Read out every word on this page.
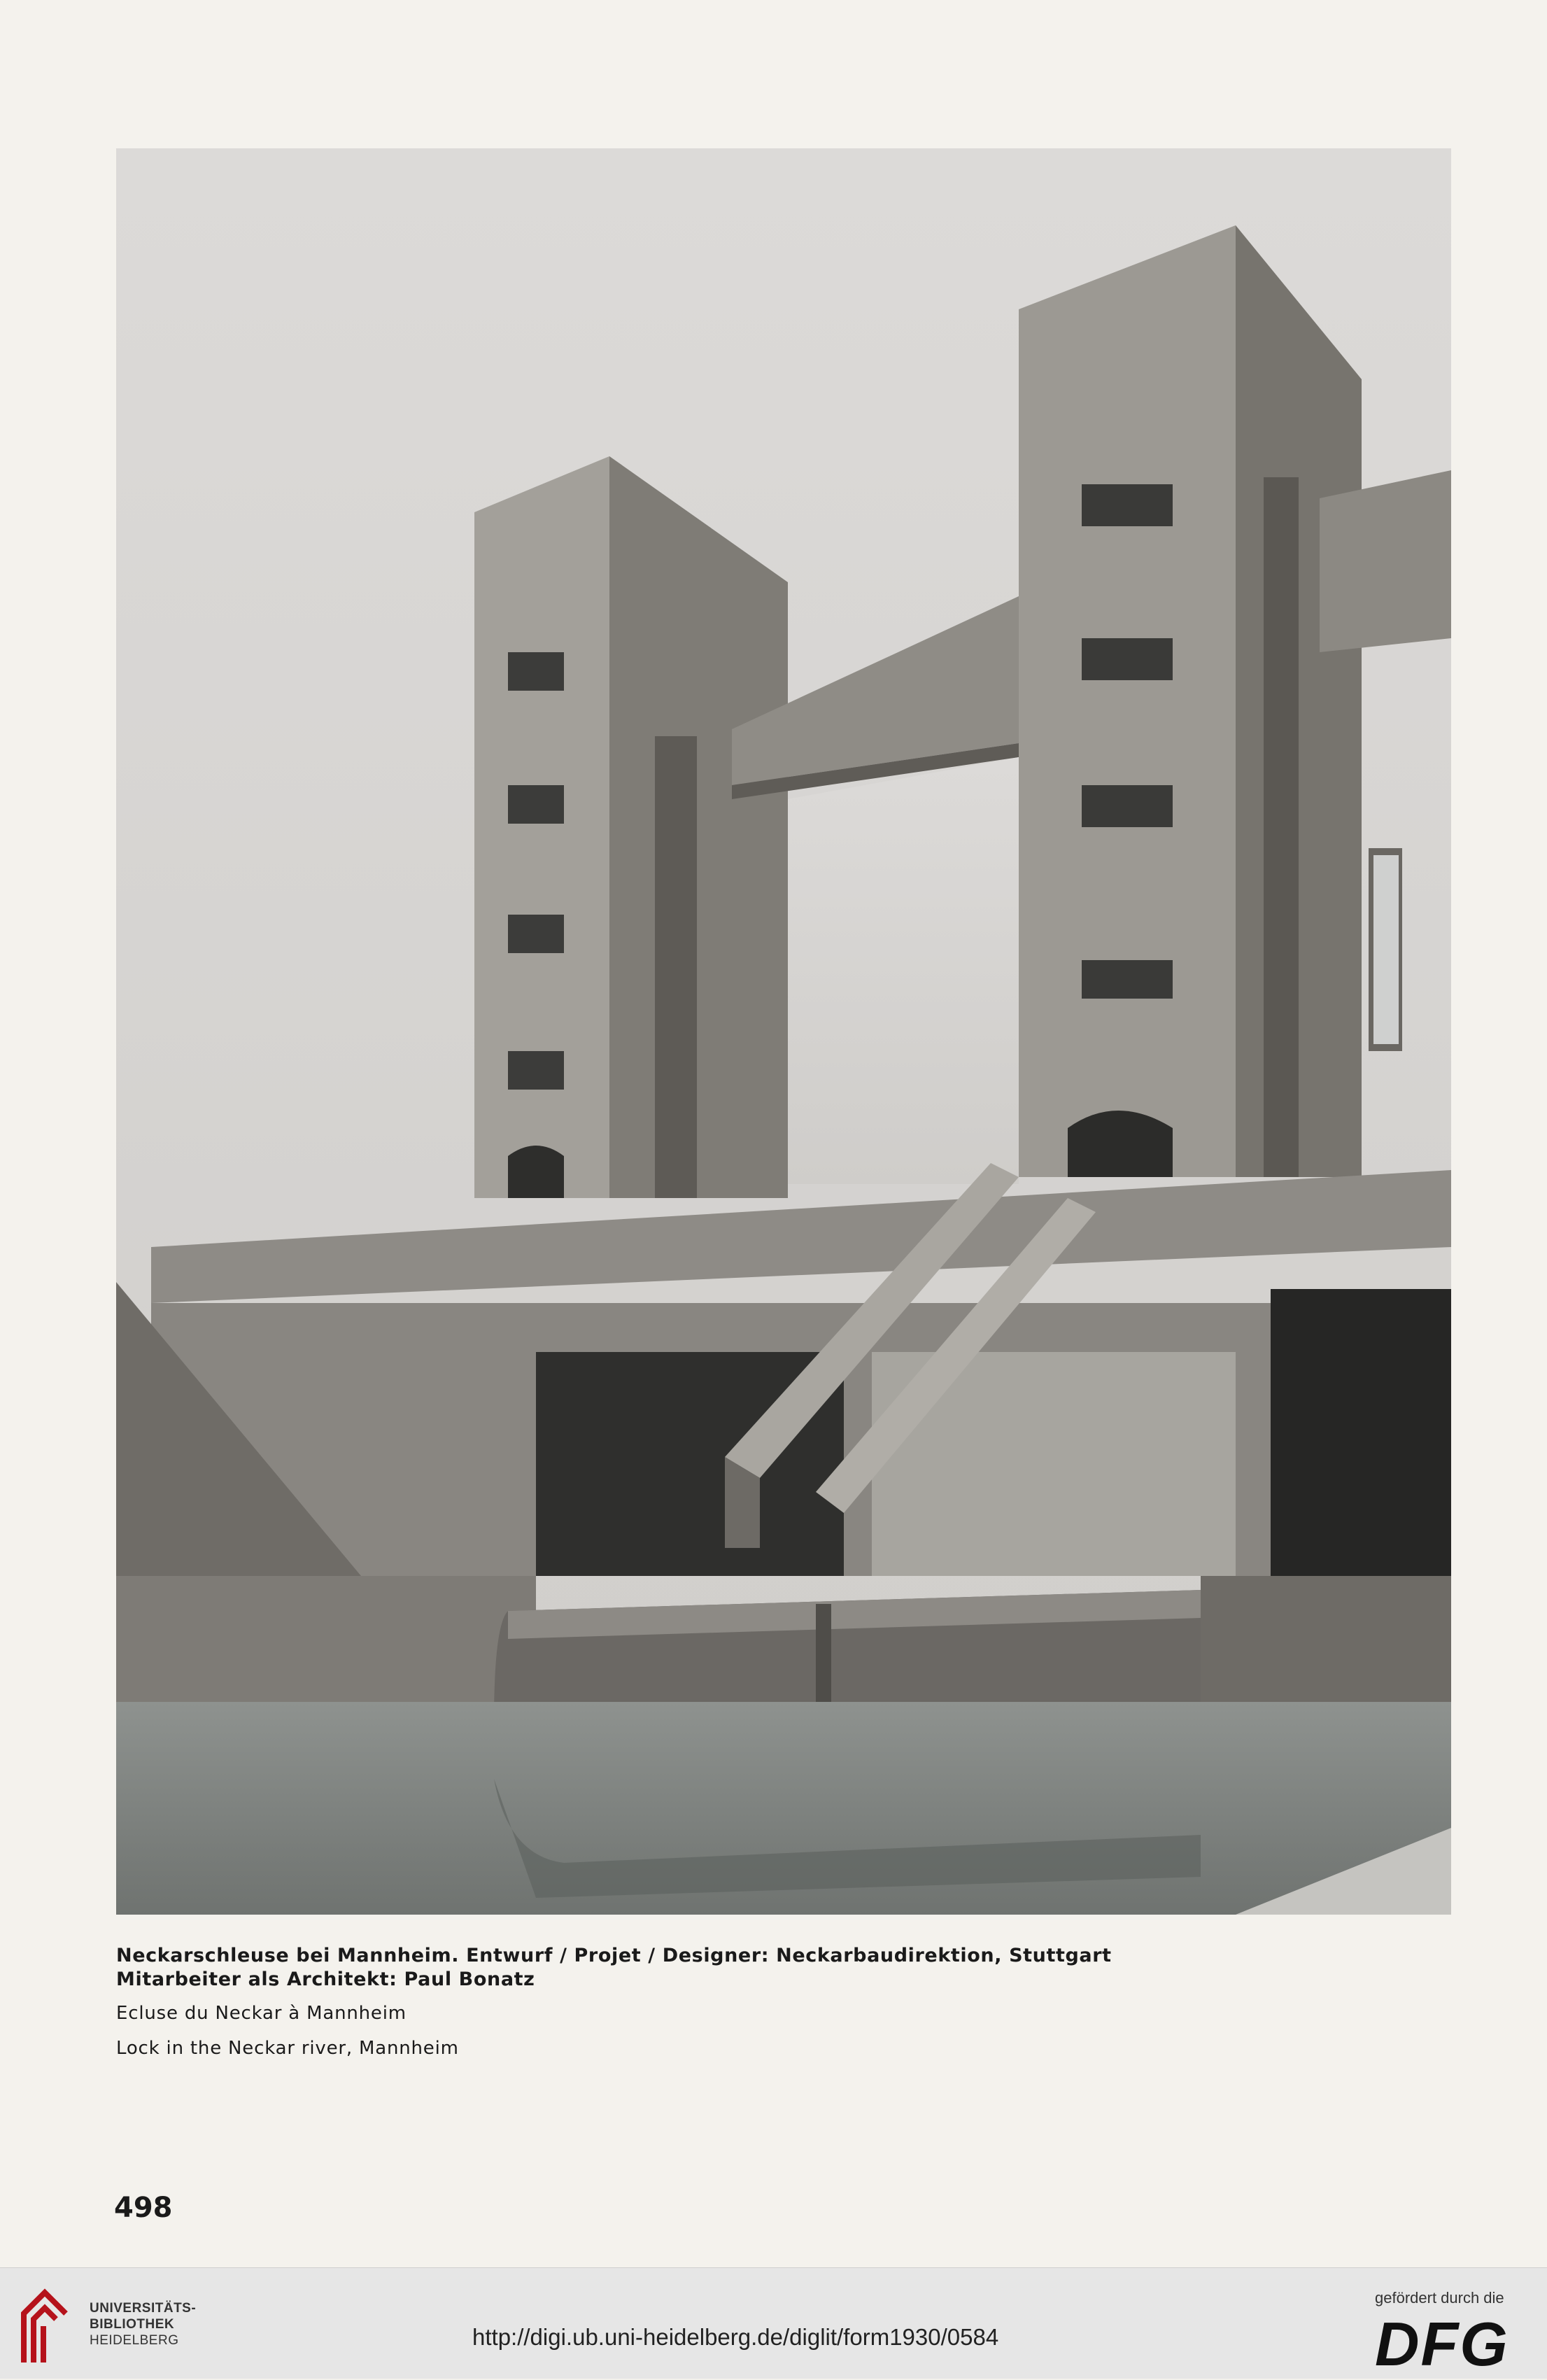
Neckarschleuse bei Mannheim. Entwurf / Projet / Designer: Neckarbaudirektion, Stuttgart
Mitarbeiter als Architekt: Paul Bonatz
Ecluse du Neckar à Mannheim
Lock in the Neckar river, Mannheim
498
UNIVERSITÄTS-
BIBLIOTHEK
HEIDELBERG	http://digi.ub.uni-heidelberg.de/diglit/form1930/0584
gefördert durch die
DFG
